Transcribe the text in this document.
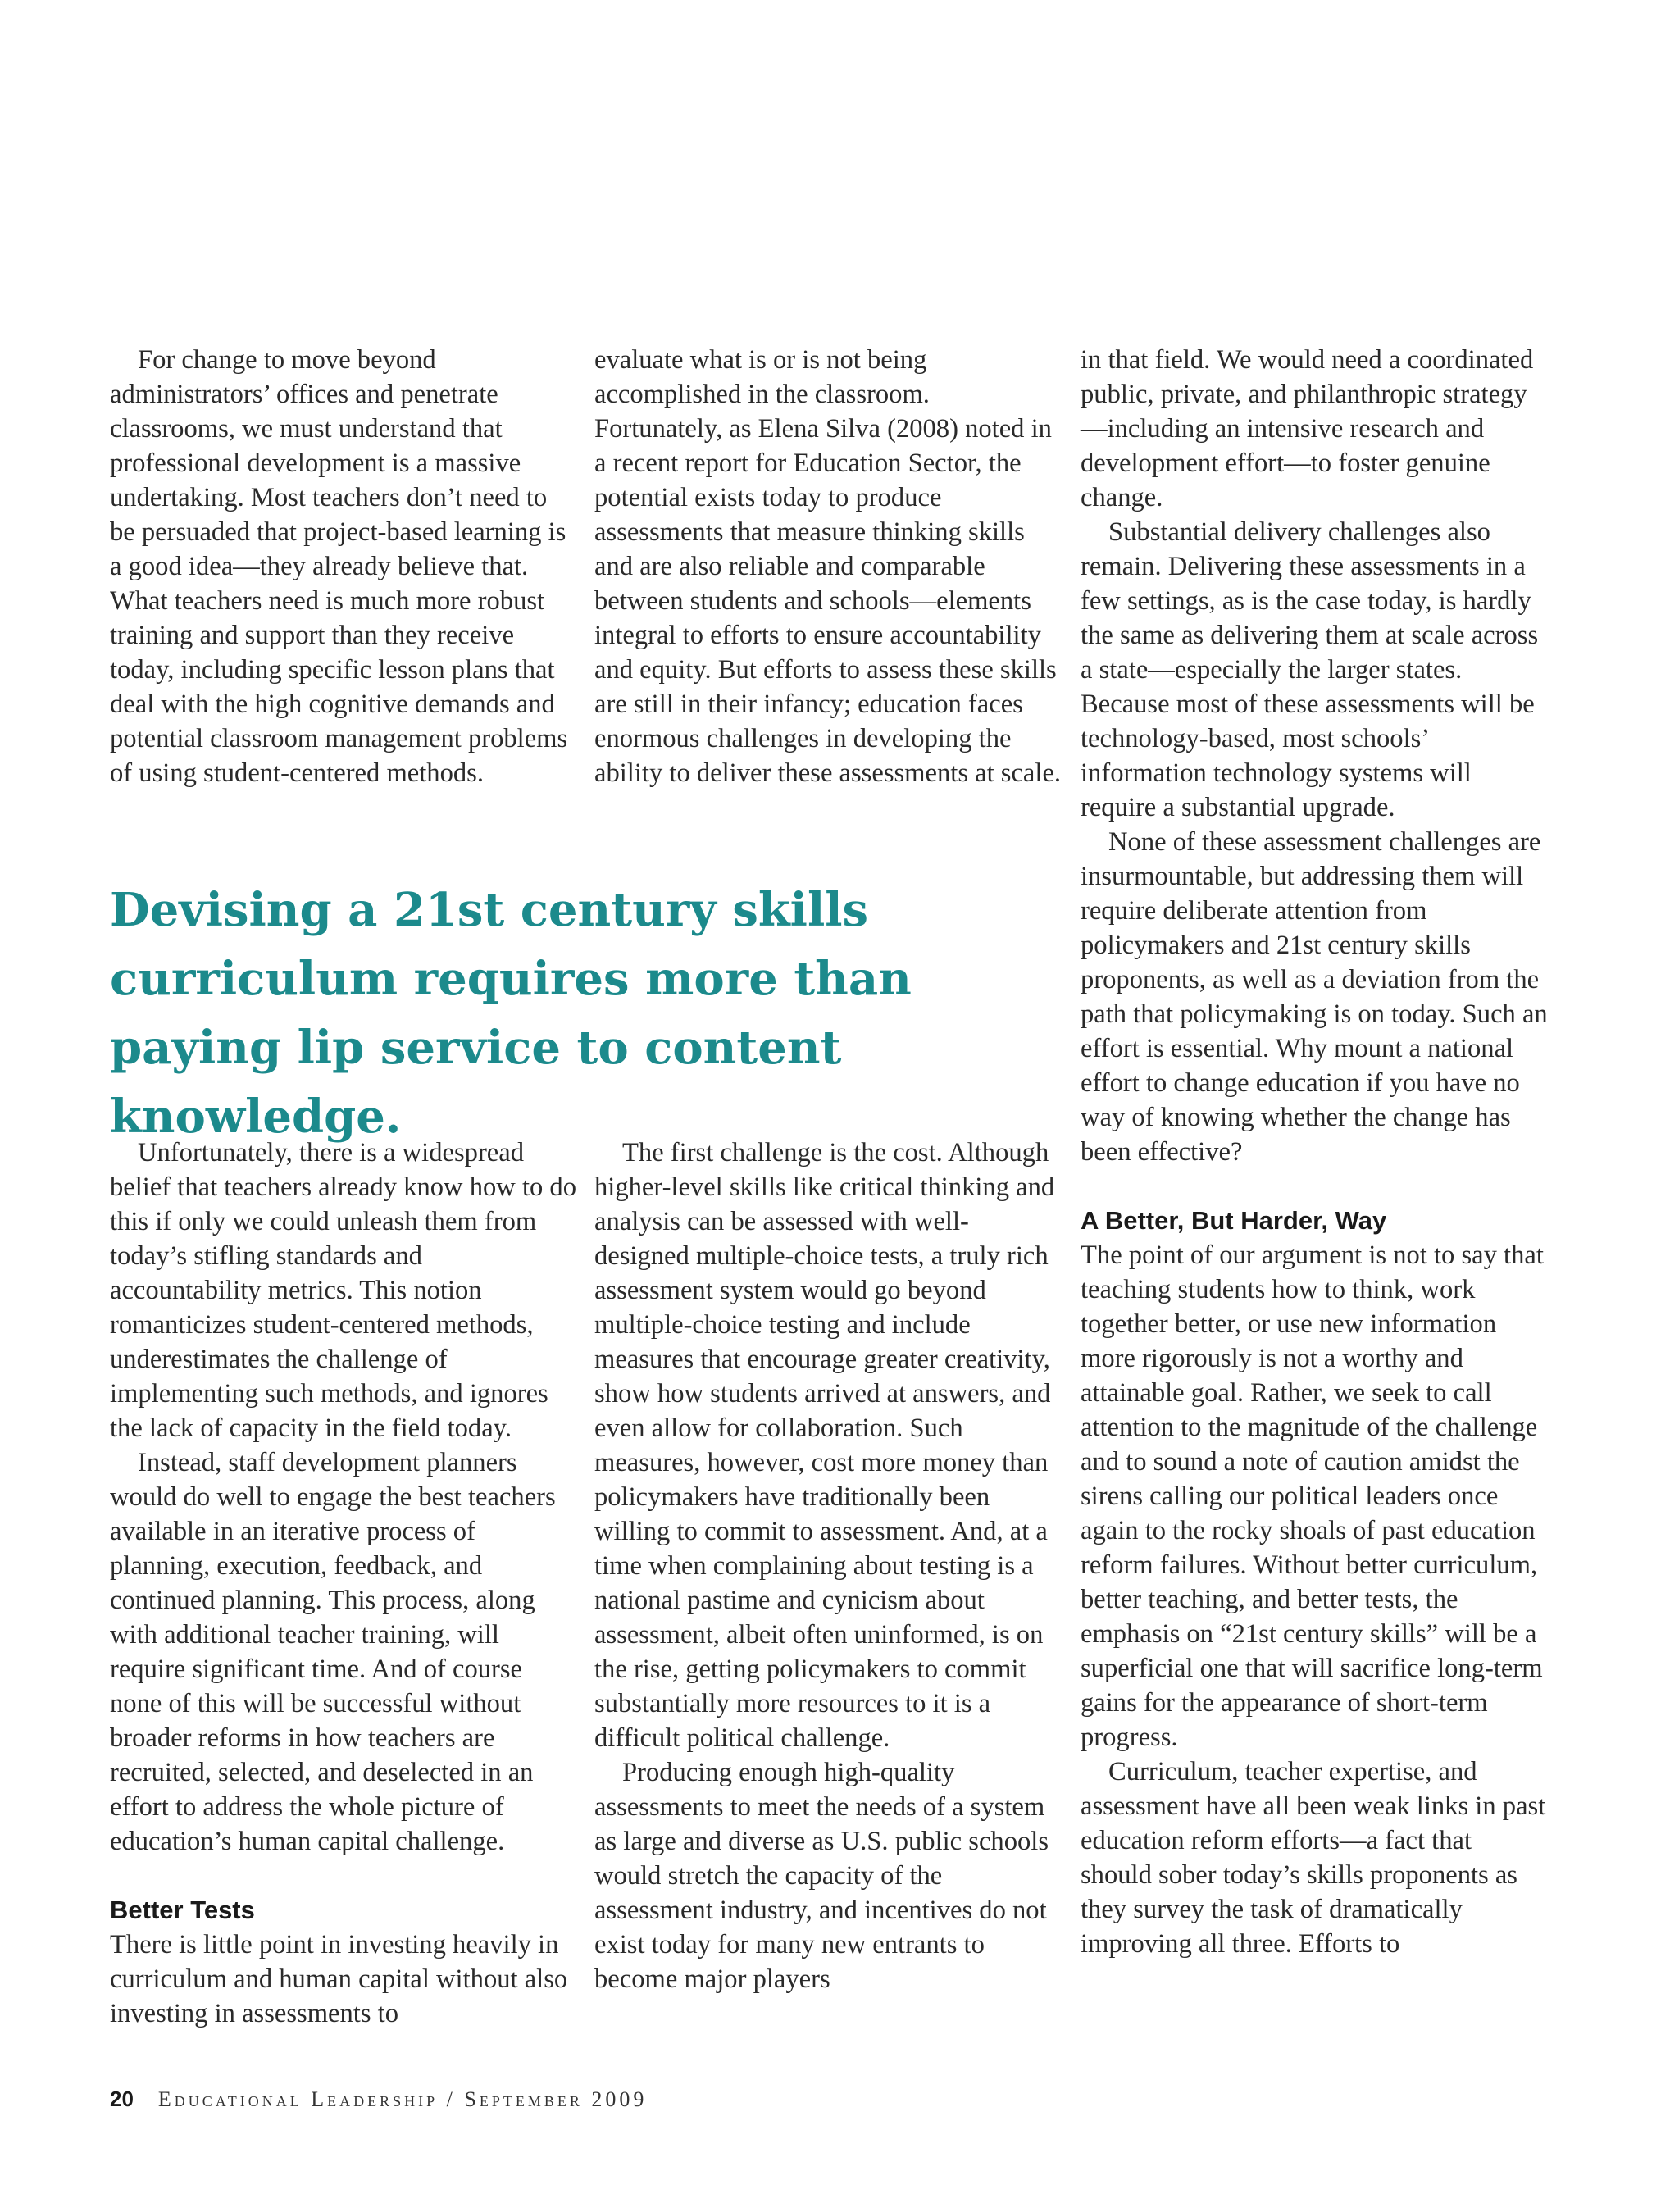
For change to move beyond administrators’ offices and penetrate classrooms, we must understand that professional development is a massive undertaking. Most teachers don’t need to be persuaded that project-based learning is a good idea—they already believe that. What teachers need is much more robust training and support than they receive today, including specific lesson plans that deal with the high cognitive demands and potential classroom management problems of using student-centered methods.

evaluate what is or is not being accomplished in the classroom. Fortunately, as Elena Silva (2008) noted in a recent report for Education Sector, the potential exists today to produce assessments that measure thinking skills and are also reliable and comparable between students and schools—elements integral to efforts to ensure accountability and equity. But efforts to assess these skills are still in their infancy; education faces enormous challenges in developing the ability to deliver these assessments at scale.

in that field. We would need a coordinated public, private, and philanthropic strategy—including an intensive research and development effort—to foster genuine change.

Substantial delivery challenges also remain. Delivering these assessments in a few settings, as is the case today, is hardly the same as delivering them at scale across a state—especially the larger states. Because most of these assessments will be technology-based, most schools’ information technology systems will require a substantial upgrade.

None of these assessment challenges are insurmountable, but addressing them will require deliberate attention from policymakers and 21st century skills proponents, as well as a deviation from the path that policymaking is on today. Such an effort is essential. Why mount a national effort to change education if you have no way of knowing whether the change has been effective?

A Better, But Harder, Way

The point of our argument is not to say that teaching students how to think, work together better, or use new information more rigorously is not a worthy and attainable goal. Rather, we seek to call attention to the magnitude of the challenge and to sound a note of caution amidst the sirens calling our political leaders once again to the rocky shoals of past education reform failures. Without better curriculum, better teaching, and better tests, the emphasis on “21st century skills” will be a superficial one that will sacrifice long-term gains for the appearance of short-term progress.

Curriculum, teacher expertise, and assessment have all been weak links in past education reform efforts—a fact that should sober today’s skills proponents as they survey the task of dramatically improving all three. Efforts to

Devising a 21st century skills curriculum requires more than paying lip service to content knowledge.

Unfortunately, there is a widespread belief that teachers already know how to do this if only we could unleash them from today’s stifling standards and accountability metrics. This notion romanticizes student-centered methods, underestimates the challenge of implementing such methods, and ignores the lack of capacity in the field today.

Instead, staff development planners would do well to engage the best teachers available in an iterative process of planning, execution, feedback, and continued planning. This process, along with additional teacher training, will require significant time. And of course none of this will be successful without broader reforms in how teachers are recruited, selected, and deselected in an effort to address the whole picture of education’s human capital challenge.

Better Tests

There is little point in investing heavily in curriculum and human capital without also investing in assessments to

The first challenge is the cost. Although higher-level skills like critical thinking and analysis can be assessed with well-designed multiple-choice tests, a truly rich assessment system would go beyond multiple-choice testing and include measures that encourage greater creativity, show how students arrived at answers, and even allow for collaboration. Such measures, however, cost more money than policymakers have traditionally been willing to commit to assessment. And, at a time when complaining about testing is a national pastime and cynicism about assessment, albeit often uninformed, is on the rise, getting policymakers to commit substantially more resources to it is a difficult political challenge.

Producing enough high-quality assessments to meet the needs of a system as large and diverse as U.S. public schools would stretch the capacity of the assessment industry, and incentives do not exist today for many new entrants to become major players

20 Educational Leadership / September 2009
